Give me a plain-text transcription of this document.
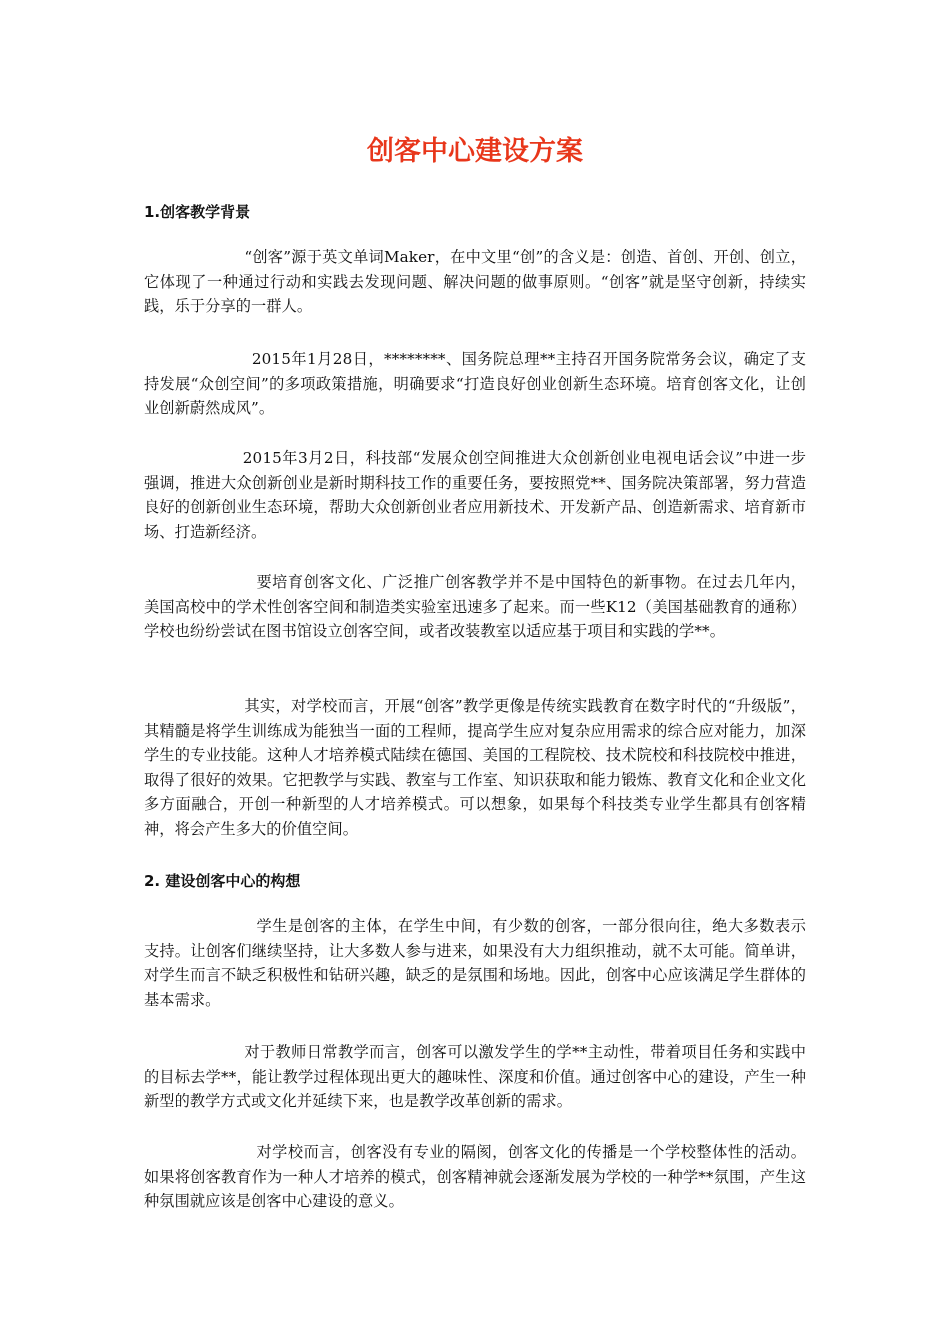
创客中心建设方案
1.创客教学背景

“创客”源于英文单词Maker，在中文里“创”的含义是：创造、首创、开创、创立，它体现了一种通过行动和实践去发现问题、解决问题的做事原则。“创客”就是坚守创新，持续实践，乐于分享的一群人。

2015年1月28日，********、国务院总理**主持召开国务院常务会议，确定了支持发展“众创空间”的多项政策措施，明确要求“打造良好创业创新生态环境。培育创客文化，让创业创新蔚然成风”。

2015年3月2日，科技部“发展众创空间推进大众创新创业电视电话会议”中进一步强调，推进大众创新创业是新时期科技工作的重要任务，要按照党**、国务院决策部署，努力营造良好的创新创业生态环境，帮助大众创新创业者应用新技术、开发新产品、创造新需求、培育新市场、打造新经济。

要培育创客文化、广泛推广创客教学并不是中国特色的新事物。在过去几年内，美国高校中的学术性创客空间和制造类实验室迅速多了起来。而一些K12（美国基础教育的通称）学校也纷纷尝试在图书馆设立创客空间，或者改装教室以适应基于项目和实践的学**。

其实，对学校而言，开展“创客”教学更像是传统实践教育在数字时代的“升级版”，其精髓是将学生训练成为能独当一面的工程师，提高学生应对复杂应用需求的综合应对能力，加深学生的专业技能。这种人才培养模式陆续在德国、美国的工程院校、技术院校和科技院校中推进，取得了很好的效果。它把教学与实践、教室与工作室、知识获取和能力锻炼、教育文化和企业文化多方面融合，开创一种新型的人才培养模式。可以想象，如果每个科技类专业学生都具有创客精神，将会产生多大的价值空间。

2. 建设创客中心的构想

学生是创客的主体，在学生中间，有少数的创客，一部分很向往，绝大多数表示支持。让创客们继续坚持，让大多数人参与进来，如果没有大力组织推动，就不太可能。简单讲，对学生而言不缺乏积极性和钻研兴趣，缺乏的是氛围和场地。因此，创客中心应该满足学生群体的基本需求。

对于教师日常教学而言，创客可以激发学生的学**主动性，带着项目任务和实践中的目标去学**，能让教学过程体现出更大的趣味性、深度和价值。通过创客中心的建设，产生一种新型的教学方式或文化并延续下来，也是教学改革创新的需求。

对学校而言，创客没有专业的隔阂，创客文化的传播是一个学校整体性的活动。如果将创客教育作为一种人才培养的模式，创客精神就会逐渐发展为学校的一种学**氛围，产生这种氛围就应该是创客中心建设的意义。
